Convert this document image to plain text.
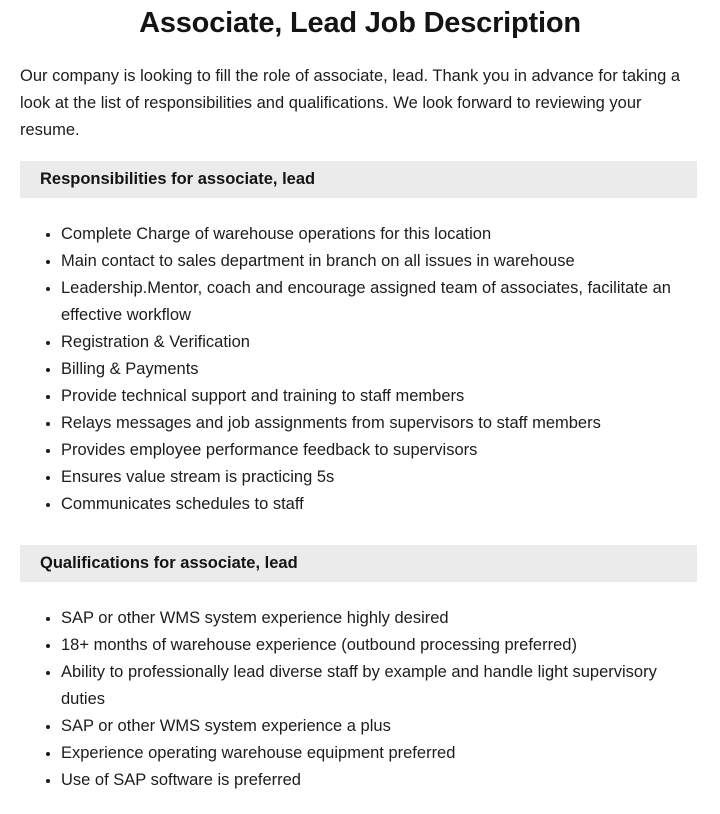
Associate, Lead Job Description

Our company is looking to fill the role of associate, lead. Thank you in advance for taking a look at the list of responsibilities and qualifications. We look forward to reviewing your resume.

Responsibilities for associate, lead
• Complete Charge of warehouse operations for this location
• Main contact to sales department in branch on all issues in warehouse
• Leadership.Mentor, coach and encourage assigned team of associates, facilitate an effective workflow
• Registration & Verification
• Billing & Payments
• Provide technical support and training to staff members
• Relays messages and job assignments from supervisors to staff members
• Provides employee performance feedback to supervisors
• Ensures value stream is practicing 5s
• Communicates schedules to staff
Qualifications for associate, lead
• SAP or other WMS system experience highly desired
• 18+ months of warehouse experience (outbound processing preferred)
• Ability to professionally lead diverse staff by example and handle light supervisory duties
• SAP or other WMS system experience a plus
• Experience operating warehouse equipment preferred
• Use of SAP software is preferred
